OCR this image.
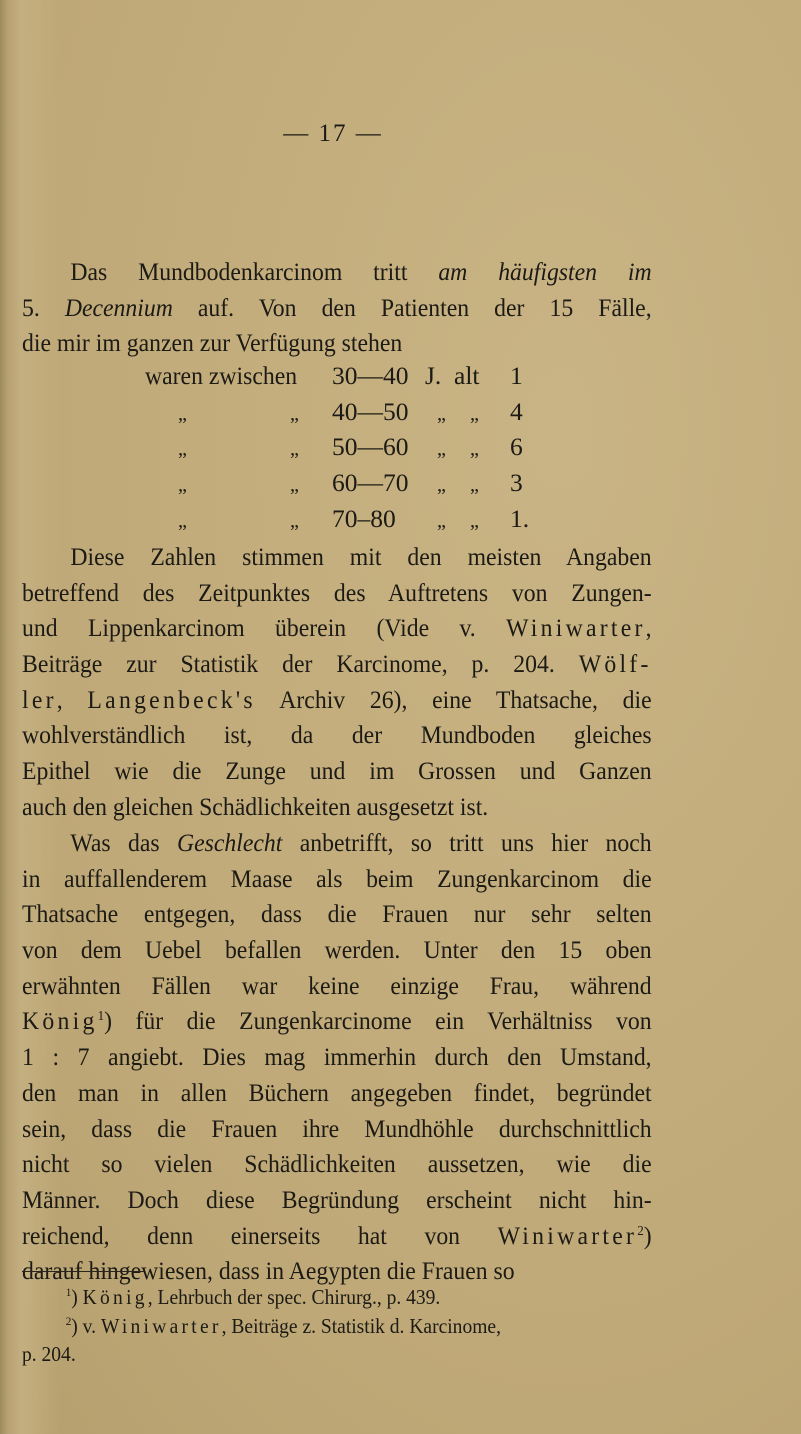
— 17 —
Das Mundbodenkarcinom tritt am häufigsten im
5. Decennium auf. Von den Patienten der 15 Fälle,
die mir im ganzen zur Verfügung stehen
waren zwischen 30—40 J. alt 1
„	„ 40—50 „ „ 4
„	„ 50—60 „ „ 6
„	„ 60—70 „ „ 3
„	„ 70–80 „ „ 1.
Diese Zahlen stimmen mit den meisten Angaben
betreffend des Zeitpunktes des Auftretens von Zungen-
und Lippenkarcinom überein (Vide v. Winiwarter,
Beiträge zur Statistik der Karcinome, p. 204. Wölf-
ler, Langenbeck's Archiv 26), eine Thatsache, die
wohlverständlich ist, da der Mundboden gleiches
Epithel wie die Zunge und im Grossen und Ganzen
auch den gleichen Schädlichkeiten ausgesetzt ist.
Was das Geschlecht anbetrifft, so tritt uns hier noch
in auffallenderem Maase als beim Zungenkarcinom die
Thatsache entgegen, dass die Frauen nur sehr selten
von dem Uebel befallen werden. Unter den 15 oben
erwähnten Fällen war keine einzige Frau, während
König$^1$) für die Zungenkarcinome ein Verhältniss von
1 : 7 angiebt. Dies mag immerhin durch den Umstand,
den man in allen Büchern angegeben findet, begründet
sein, dass die Frauen ihre Mundhöhle durchschnittlich
nicht so vielen Schädlichkeiten aussetzen, wie die
Männer. Doch diese Begründung erscheint nicht hin-
reichend, denn einerseits hat von Winiwarter$^2$)
darauf hingewiesen, dass in Aegypten die Frauen so
$^1$) König, Lehrbuch der spec. Chirurg., p. 439.
$^2$) v. Winiwarter, Beiträge z. Statistik d. Karcinome,
p. 204.
